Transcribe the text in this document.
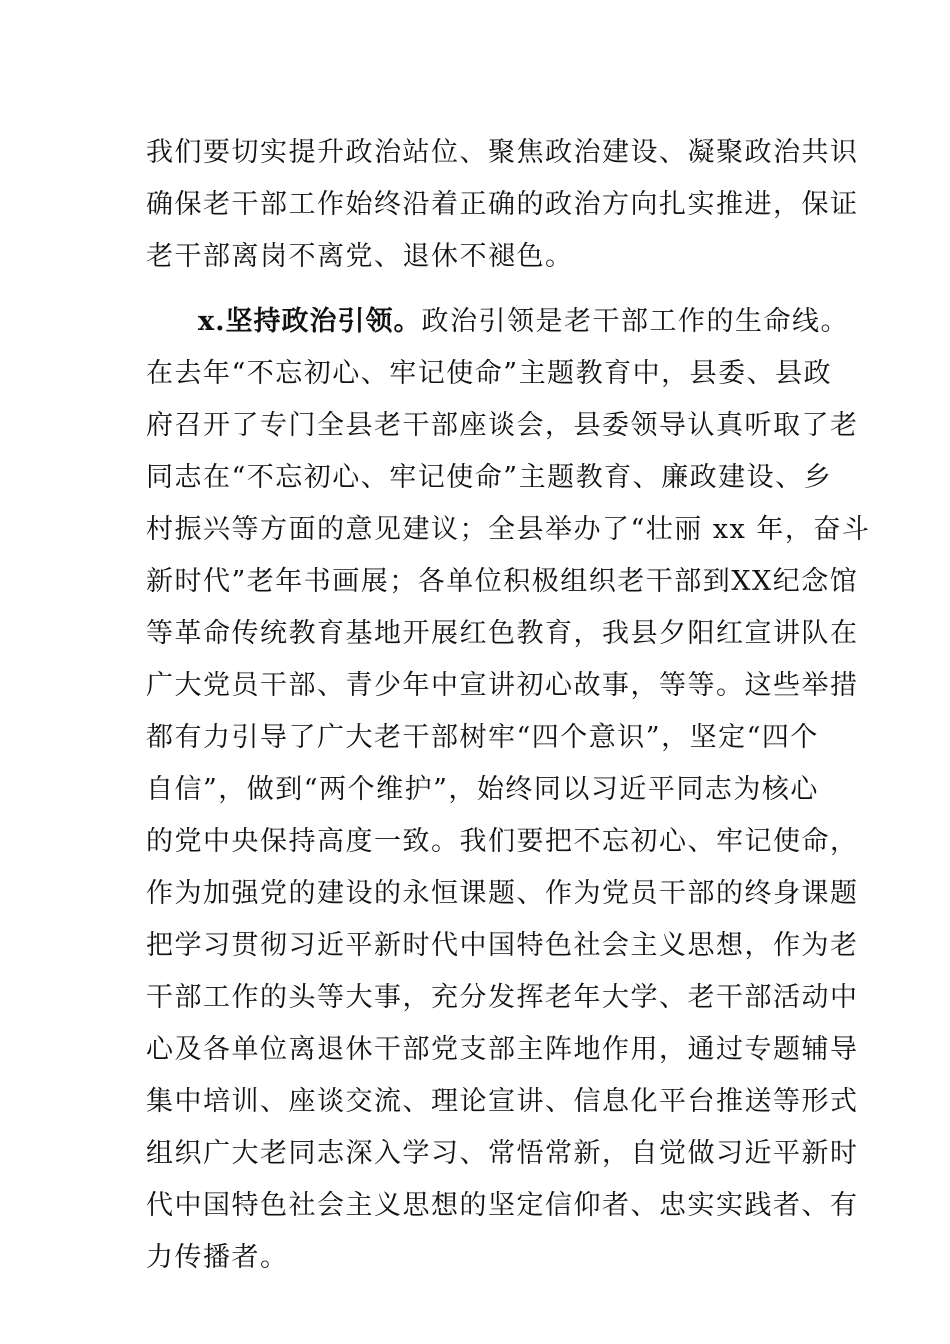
我们要切实提升政治站位、聚焦政治建设、凝聚政治共识
确保老干部工作始终沿着正确的政治方向扎实推进，保证
老干部离岗不离党、退休不褪色。
x.坚持政治引领。政治引领是老干部工作的生命线。
在去年“不忘初心、牢记使命”主题教育中，县委、县政
府召开了专门全县老干部座谈会，县委领导认真听取了老
同志在“不忘初心、牢记使命”主题教育、廉政建设、乡
村振兴等方面的意见建议；全县举办了“壮丽 xx 年，奋斗
新时代”老年书画展；各单位积极组织老干部到XX纪念馆
等革命传统教育基地开展红色教育，我县夕阳红宣讲队在
广大党员干部、青少年中宣讲初心故事，等等。这些举措
都有力引导了广大老干部树牢“四个意识”，坚定“四个
自信”，做到“两个维护”，始终同以习近平同志为核心
的党中央保持高度一致。我们要把不忘初心、牢记使命，
作为加强党的建设的永恒课题、作为党员干部的终身课题
把学习贯彻习近平新时代中国特色社会主义思想，作为老
干部工作的头等大事，充分发挥老年大学、老干部活动中
心及各单位离退休干部党支部主阵地作用，通过专题辅导
集中培训、座谈交流、理论宣讲、信息化平台推送等形式
组织广大老同志深入学习、常悟常新，自觉做习近平新时
代中国特色社会主义思想的坚定信仰者、忠实实践者、有
力传播者。
